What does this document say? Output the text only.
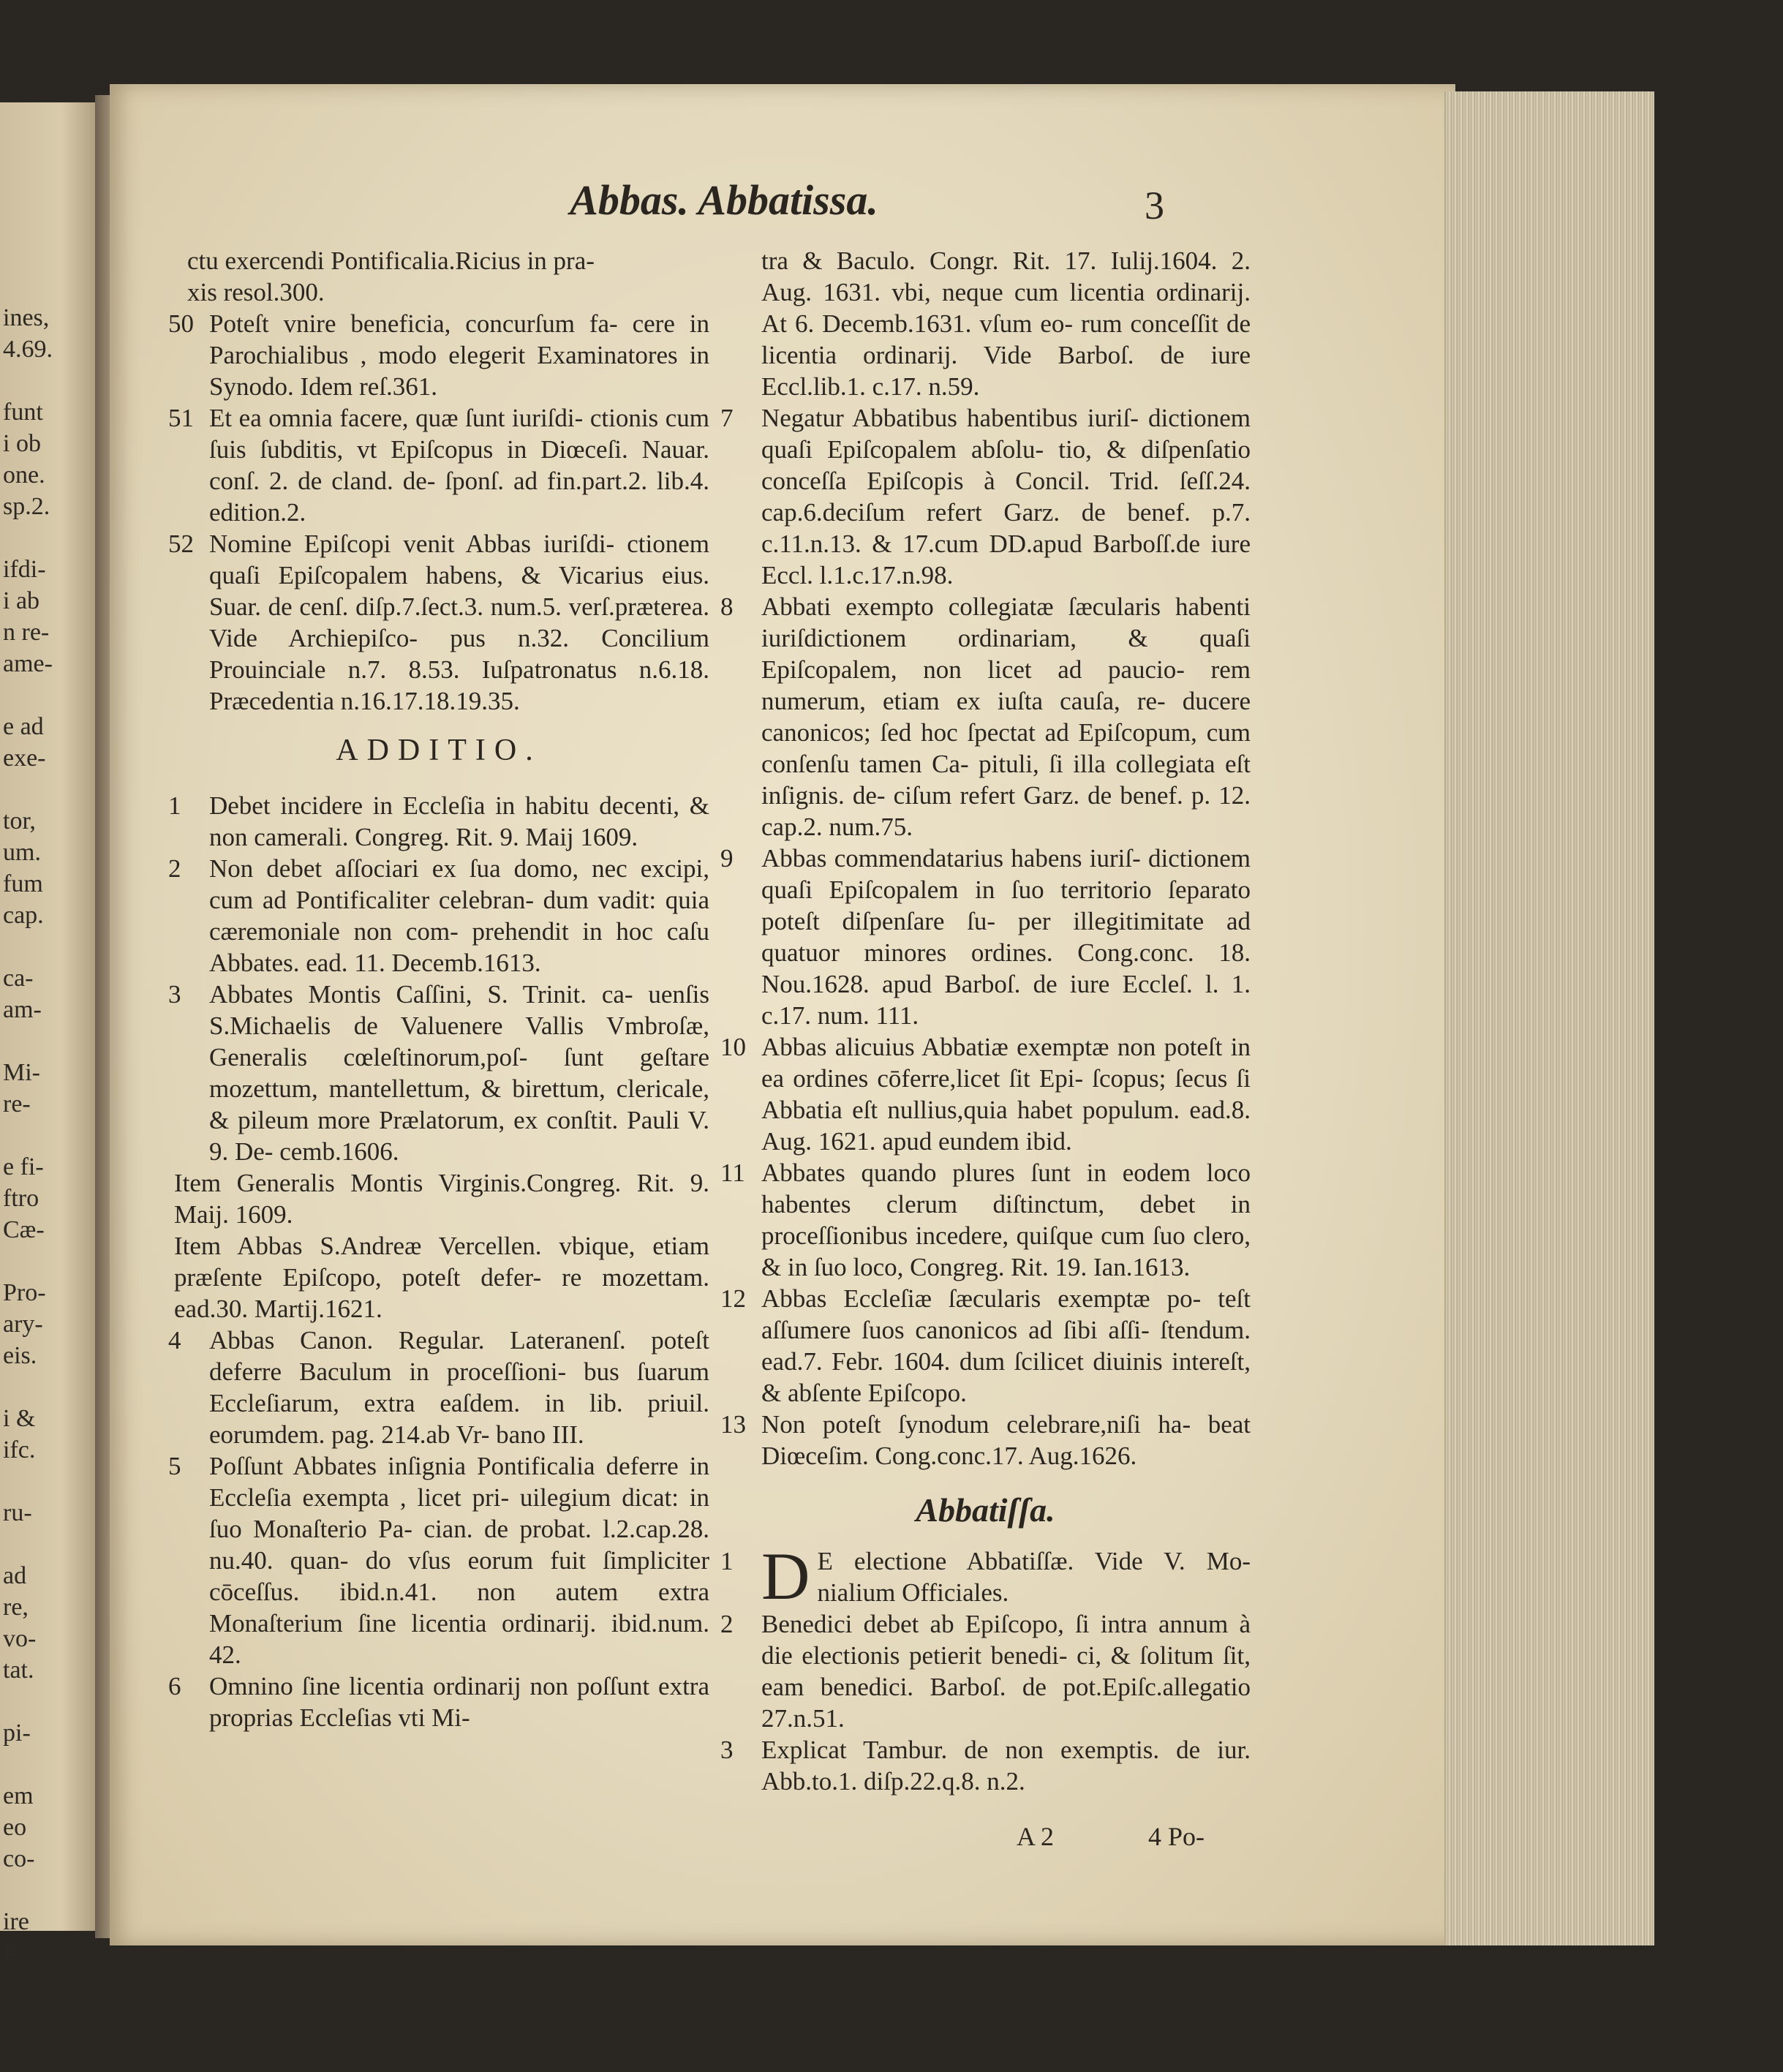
ines,
4.69.
funt
i ob
one.
sp.2.
ifdi-
i ab
n re-
ame-
e ad
exe-
tor,
um.
fum
cap.
ca-
am-
Mi-
re-
e fi-
ftro
Cæ-
Pro-
ary-
eis.
i &
ifc.
ru-
ad
re,
vo-
tat.
pi-
em
eo
co-
ire
i-
Abbas. Abbatissa.	3
ctu exercendi Pontificalia.Ricius in pra-
xis resol.300.
50 Poteſt vnire beneficia, concurſum fa- cere in Parochialibus , modo elegerit Examinatores in Synodo. Idem reſ.361.
51 Et ea omnia facere, quæ ſunt iuriſdi- ctionis cum ſuis ſubditis, vt Epiſcopus in Diœceſi. Nauar. conſ. 2. de cland. de- ſponſ. ad fin.part.2. lib.4. edition.2.
52 Nomine Epiſcopi venit Abbas iuriſdi- ctionem quaſi Epiſcopalem habens, & Vicarius eius. Suar. de cenſ. diſp.7.ſect.3. num.5. verſ.præterea. Vide Archiepiſco- pus n.32. Concilium Prouinciale n.7. 8.53. Iuſpatronatus n.6.18. Præcedentia n.16.17.18.19.35.
ADDITIO.
1	Debet incidere in Eccleſia in habitu decenti, & non camerali. Congreg. Rit. 9. Maij 1609.
2	Non debet aſſociari ex ſua domo, nec excipi, cum ad Pontificaliter celebran- dum vadit: quia cæremoniale non com- prehendit in hoc caſu Abbates. ead. 11. Decemb.1613.
3	Abbates Montis Caſſini, S. Trinit. ca- uenſis S.Michaelis de Valuenere Vallis Vmbroſæ, Generalis cœleſtinorum,poſ- ſunt geſtare mozettum, mantellettum, & birettum, clericale, & pileum more Prælatorum, ex conſtit. Pauli V. 9. De- cemb.1606.
Item Generalis Montis Virginis.Congreg. Rit. 9. Maij. 1609.
Item Abbas S.Andreæ Vercellen. vbique, etiam præſente Epiſcopo, poteſt defer- re mozettam. ead.30. Martij.1621.
4	Abbas Canon. Regular. Lateranenſ. poteſt deferre Baculum in proceſſioni- bus ſuarum Eccleſiarum, extra eaſdem. in lib. priuil. eorumdem. pag. 214.ab Vr- bano III.
5	Poſſunt Abbates inſignia Pontificalia deferre in Eccleſia exempta , licet pri- uilegium dicat: in ſuo Monaſterio Pa- cian. de probat. l.2.cap.28. nu.40. quan- do vſus eorum fuit ſimpliciter cōceſſus. ibid.n.41. non autem extra Monaſterium ſine licentia ordinarij. ibid.num. 42.
6	Omnino ſine licentia ordinarij non poſſunt extra proprias Eccleſias vti Mi-
tra & Baculo. Congr. Rit. 17. Iulij.1604. 2. Aug. 1631. vbi, neque cum licentia ordinarij. At 6. Decemb.1631. vſum eo- rum conceſſit de licentia ordinarij. Vide Barboſ. de iure Eccl.lib.1. c.17. n.59.
7	Negatur Abbatibus habentibus iuriſ- dictionem quaſi Epiſcopalem abſolu- tio, & diſpenſatio conceſſa Epiſcopis à Concil. Trid. ſeſſ.24. cap.6.deciſum refert Garz. de benef. p.7. c.11.n.13. & 17.cum DD.apud Barboſſ.de iure Eccl. l.1.c.17.n.98.
8	Abbati exempto collegiatæ ſæcularis habenti iuriſdictionem ordinariam, & quaſi Epiſcopalem, non licet ad paucio- rem numerum, etiam ex iuſta cauſa, re- ducere canonicos; ſed hoc ſpectat ad Epiſcopum, cum conſenſu tamen Ca- pituli, ſi illa collegiata eſt inſignis. de- ciſum refert Garz. de benef. p. 12. cap.2. num.75.
9	Abbas commendatarius habens iuriſ- dictionem quaſi Epiſcopalem in ſuo territorio ſeparato poteſt diſpenſare ſu- per illegitimitate ad quatuor minores ordines. Cong.conc. 18. Nou.1628. apud Barboſ. de iure Eccleſ. l. 1. c.17. num. 111.
10 Abbas alicuius Abbatiæ exemptæ non poteſt in ea ordines cōferre,licet ſit Epi- ſcopus; ſecus ſi Abbatia eſt nullius,quia habet populum. ead.8. Aug. 1621. apud eundem ibid.
11 Abbates quando plures ſunt in eodem loco habentes clerum diſtinctum, debet in proceſſionibus incedere, quiſque cum ſuo clero, & in ſuo loco, Congreg. Rit. 19. Ian.1613.
12 Abbas Eccleſiæ ſæcularis exemptæ po- teſt aſſumere ſuos canonicos ad ſibi aſſi- ſtendum. ead.7. Febr. 1604. dum ſcilicet diuinis intereſt, & abſente Epiſcopo.
13 Non poteſt ſynodum celebrare,niſi ha- beat Diœceſim. Cong.conc.17. Aug.1626.
Abbatiſſa.
1 D E electione Abbatiſſæ. Vide V. Mo- nialium Officiales.
2	Benedici debet ab Epiſcopo, ſi intra annum à die electionis petierit benedi- ci, & ſolitum ſit, eam benedici. Barboſ. de pot.Epiſc.allegatio 27.n.51.
3	Explicat Tambur. de non exemptis. de iur. Abb.to.1. diſp.22.q.8. n.2.
A 2	4 Po-
